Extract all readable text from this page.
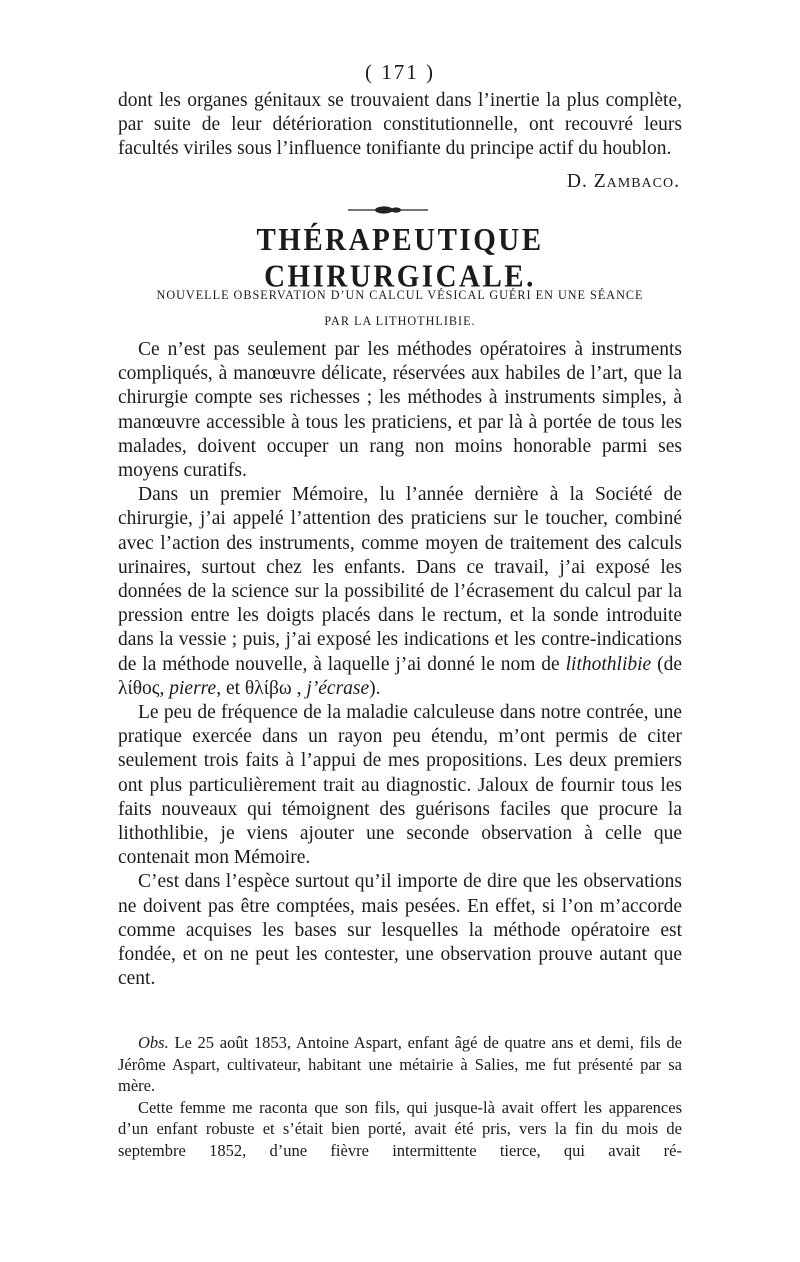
( 171 )

dont les organes génitaux se trouvaient dans l’inertie la plus complète, par suite de leur détérioration constitutionnelle, ont recouvré leurs facultés viriles sous l’influence tonifiante du principe actif du houblon.

D. Zambaco.
THÉRAPEUTIQUE CHIRURGICALE.
NOUVELLE OBSERVATION D’UN CALCUL VÉSICAL GUÉRI EN UNE SÉANCE
PAR LA LITHOTHLIBIE.

Ce n’est pas seulement par les méthodes opératoires à instruments compliqués, à manœuvre délicate, réservées aux habiles de l’art, que la chirurgie compte ses richesses ; les méthodes à instruments simples, à manœuvre accessible à tous les praticiens, et par là à portée de tous les malades, doivent occuper un rang non moins honorable parmi ses moyens curatifs.

Dans un premier Mémoire, lu l’année dernière à la Société de chirurgie, j’ai appelé l’attention des praticiens sur le toucher, combiné avec l’action des instruments, comme moyen de traitement des calculs urinaires, surtout chez les enfants. Dans ce travail, j’ai exposé les données de la science sur la possibilité de l’écrasement du calcul par la pression entre les doigts placés dans le rectum, et la sonde introduite dans la vessie ; puis, j’ai exposé les indications et les contre-indications de la méthode nouvelle, à laquelle j’ai donné le nom de lithothlibie (de λίθος, pierre, et θλίβω , j’écrase).

Le peu de fréquence de la maladie calculeuse dans notre contrée, une pratique exercée dans un rayon peu étendu, m’ont permis de citer seulement trois faits à l’appui de mes propositions. Les deux premiers ont plus particulièrement trait au diagnostic. Jaloux de fournir tous les faits nouveaux qui témoignent des guérisons faciles que procure la lithothlibie, je viens ajouter une seconde observation à celle que contenait mon Mémoire.

C’est dans l’espèce surtout qu’il importe de dire que les observations ne doivent pas être comptées, mais pesées. En effet, si l’on m’accorde comme acquises les bases sur lesquelles la méthode opératoire est fondée, et on ne peut les contester, une observation prouve autant que cent.

Obs. Le 25 août 1853, Antoine Aspart, enfant âgé de quatre ans et demi, fils de Jérôme Aspart, cultivateur, habitant une métairie à Salies, me fut présenté par sa mère.

Cette femme me raconta que son fils, qui jusque-là avait offert les apparences d’un enfant robuste et s’était bien porté, avait été pris, vers la fin du mois de septembre 1852, d’une fièvre intermittente tierce, qui avait ré-
